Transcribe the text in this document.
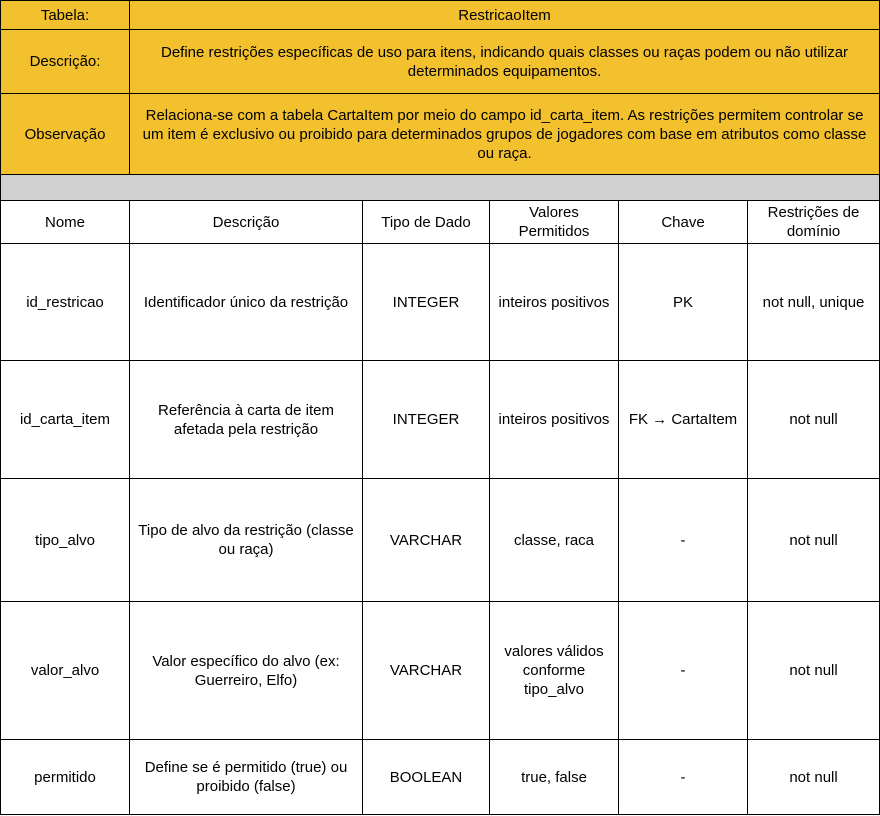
Tabela:	RestricaoItem				
Descrição:	Define restrições específicas de uso para itens, indicando quais classes ou raças podem ou não utilizar determinados equipamentos.				
Observação	Relaciona-se com a tabela CartaItem por meio do campo id_carta_item. As restrições permitem controlar se um item é exclusivo ou proibido para determinados grupos de jogadores com base em atributos como classe ou raça.				

Nome	Descrição	Tipo de Dado	Valores Permitidos	Chave	Restrições de domínio
id_restricao	Identificador único da restrição	INTEGER	inteiros positivos	PK	not null, unique
id_carta_item	Referência à carta de item afetada pela restrição	INTEGER	inteiros positivos	FK → CartaItem	not null
tipo_alvo	Tipo de alvo da restrição (classe ou raça)	VARCHAR	classe, raca	-	not null
valor_alvo	Valor específico do alvo (ex: Guerreiro, Elfo)	VARCHAR	valores válidos conforme tipo_alvo	-	not null
permitido	Define se é permitido (true) ou proibido (false)	BOOLEAN	true, false	-	not null
